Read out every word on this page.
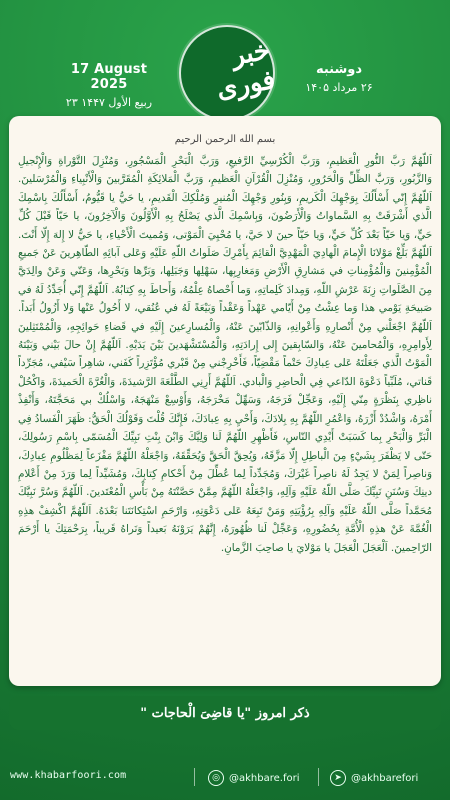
17 August 2025
۲۳ ربیع الأول ۱۴۴۷
خبر فوری	دوشنبه
۲۶ مرداد ۱۴۰۵
بسم الله الرحمن الرحیم

اَللّهُمَّ رَبَّ النُّورِ الْعَظيمِ، وَرَبَّ الْكُرْسِيِّ الرَّفيعِ، وَرَبَّ الْبَحْرِ الْمَسْجُورِ، وَمُنْزِلَ التَّوْراةِ وَالْإِنْجيلِ وَالزَّبُورِ، وَرَبَّ الظِّلِّ وَالْحَرُورِ، وَمُنْزِلَ الْقُرْآنِ الْعَظيمِ، وَرَبَّ الْمَلائِكَةِ الْمُقَرَّبينَ وَالْأَنْبِياءِ وَالْمُرْسَلينَ. اَللّهُمَّ إِنّي أَسْأَلُكَ بِوَجْهِكَ الْكَريمِ، وَبِنُورِ وَجْهِكَ الْمُنيرِ وَمُلْكِكَ الْقَديمِ، يا حَيُّ يا قَيُّومُ، أَسْأَلُكَ بِاسْمِكَ الَّذي أَشْرَقَتْ بِهِ السَّماواتُ وَالْأَرَضُونَ، وَبِاسْمِكَ الَّذي يَصْلَحُ بِهِ الْأَوَّلُونَ وَالْآخِرُونَ، يا حَيّاً قَبْلَ كُلِّ حَيٍّ، وَيا حَيّاً بَعْدَ كُلِّ حَيٍّ، وَيا حَيّاً حينَ لا حَيَّ، يا مُحْيِيَ الْمَوْتى، وَمُميتَ الْأَحْياءِ، يا حَيُّ لا إِلهَ إِلّا أَنْتَ. اَللّهُمَّ بَلِّغْ مَوْلانَا الْإِمامَ الْهادِيَ الْمَهْدِيَّ الْقائِمَ بِأَمْرِكَ صَلَواتُ اللّهِ عَلَيْهِ وَعَلى آبائِهِ الطّاهِرينَ عَنْ جَميعِ الْمُؤْمِنينَ وَالْمُؤْمِناتِ في مَشارِقِ الْأَرْضِ وَمَغارِبِها، سَهْلِها وَجَبَلِها، وَبَرِّها وَبَحْرِها، وَعَنّي وَعَنْ والِدَيَّ مِنَ الصَّلَواتِ زِنَةَ عَرْشِ اللّهِ، وَمِدادَ كَلِماتِهِ، وَما أَحْصاهُ عِلْمُهُ، وَأَحاطَ بِهِ كِتابُهُ. اَللّهُمَّ إِنّي أُجَدِّدُ لَهُ في صَبيحَةِ يَوْمي هذا وَما عِشْتُ مِنْ أَيّامي عَهْداً وَعَقْداً وَبَيْعَةً لَهُ في عُنُقي، لا أَحُولُ عَنْها وَلا أَزُولُ أَبَداً. اَللّهُمَّ اجْعَلْني مِنْ أَنْصارِهِ وَأَعْوانِهِ، وَالذّابّينَ عَنْهُ، وَالْمُسارِعينَ إِلَيْهِ في قَضاءِ حَوائِجِهِ، وَالْمُمْتَثِلينَ لِأَوامِرِهِ، وَالْمُحامينَ عَنْهُ، وَالسّابِقينَ إِلى إِرادَتِهِ، وَالْمُسْتَشْهَدينَ بَيْنَ يَدَيْهِ. اَللّهُمَّ إِنْ حالَ بَيْني وَبَيْنَهُ الْمَوْتُ الَّذي جَعَلْتَهُ عَلى عِبادِكَ حَتْماً مَقْضِيّاً، فَأَخْرِجْني مِنْ قَبْري مُؤْتَزِراً كَفَني، شاهِراً سَيْفي، مُجَرِّداً قَناتي، مُلَبِّياً دَعْوَةَ الدّاعي فِي الْحاضِرِ وَالْبادي. اَللّهُمَّ أَرِنِي الطَّلْعَةَ الرَّشيدَةَ، وَالْغُرَّةَ الْحَميدَةَ، وَاكْحُلْ ناظِري بِنَظْرَةٍ مِنّي إِلَيْهِ، وَعَجِّلْ فَرَجَهُ، وَسَهِّلْ مَخْرَجَهُ، وَأَوْسِعْ مَنْهَجَهُ، وَاسْلُكْ بي مَحَجَّتَهُ، وَأَنْفِذْ أَمْرَهُ، وَاشْدُدْ أَزْرَهُ، وَاعْمُرِ اللّهُمَّ بِهِ بِلادَكَ، وَأَحْيِ بِهِ عِبادَكَ، فَإِنَّكَ قُلْتَ وَقَوْلُكَ الْحَقُّ: ظَهَرَ الْفَسادُ فِي الْبَرِّ وَالْبَحْرِ بِما كَسَبَتْ أَيْدِي النّاسِ، فَأَظْهِرِ اللّهُمَّ لَنا وَلِيَّكَ وَابْنَ بِنْتِ نَبِيِّكَ الْمُسَمّى بِاسْمِ رَسُولِكَ، حَتّى لا يَظْفَرَ بِشَيْءٍ مِنَ الْباطِلِ إِلّا مَزَّقَهُ، وَيُحِقَّ الْحَقَّ وَيُحَقِّقَهُ، وَاجْعَلْهُ اللّهُمَّ مَفْزَعاً لِمَظْلُومِ عِبادِكَ، وَناصِراً لِمَنْ لا يَجِدُ لَهُ ناصِراً غَيْرَكَ، وَمُجَدِّداً لِما عُطِّلَ مِنْ أَحْكامِ كِتابِكَ، وَمُشَيِّداً لِما وَرَدَ مِنْ أَعْلامِ دينِكَ وَسُنَنِ نَبِيِّكَ صَلَّى اللّهُ عَلَيْهِ وَآلِهِ، وَاجْعَلْهُ اللّهُمَّ مِمَّنْ حَصَّنْتَهُ مِنْ بَأْسِ الْمُعْتَدينَ. اَللّهُمَّ وَسُرَّ نَبِيَّكَ مُحَمَّداً صَلَّى اللّهُ عَلَيْهِ وَآلِهِ بِرُؤْيَتِهِ وَمَنْ تَبِعَهُ عَلى دَعْوَتِهِ، وَارْحَمِ اسْتِكانَتَنا بَعْدَهُ. اَللّهُمَّ اكْشِفْ هذِهِ الْغُمَّةَ عَنْ هذِهِ الْأُمَّةِ بِحُضُورِهِ، وَعَجِّلْ لَنا ظُهُورَهُ، إِنَّهُمْ يَرَوْنَهُ بَعيداً وَنَراهُ قَريباً، بِرَحْمَتِكَ يا أَرْحَمَ الرّاحِمينَ. اَلْعَجَلَ الْعَجَلَ يا مَوْلايَ يا صاحِبَ الزَّمانِ.

ذکر امروز "یا قاضِیَ الْحاجات "
www.khabarfoori.com	◎ @akhbare.fori	➤ @akhbarefori
